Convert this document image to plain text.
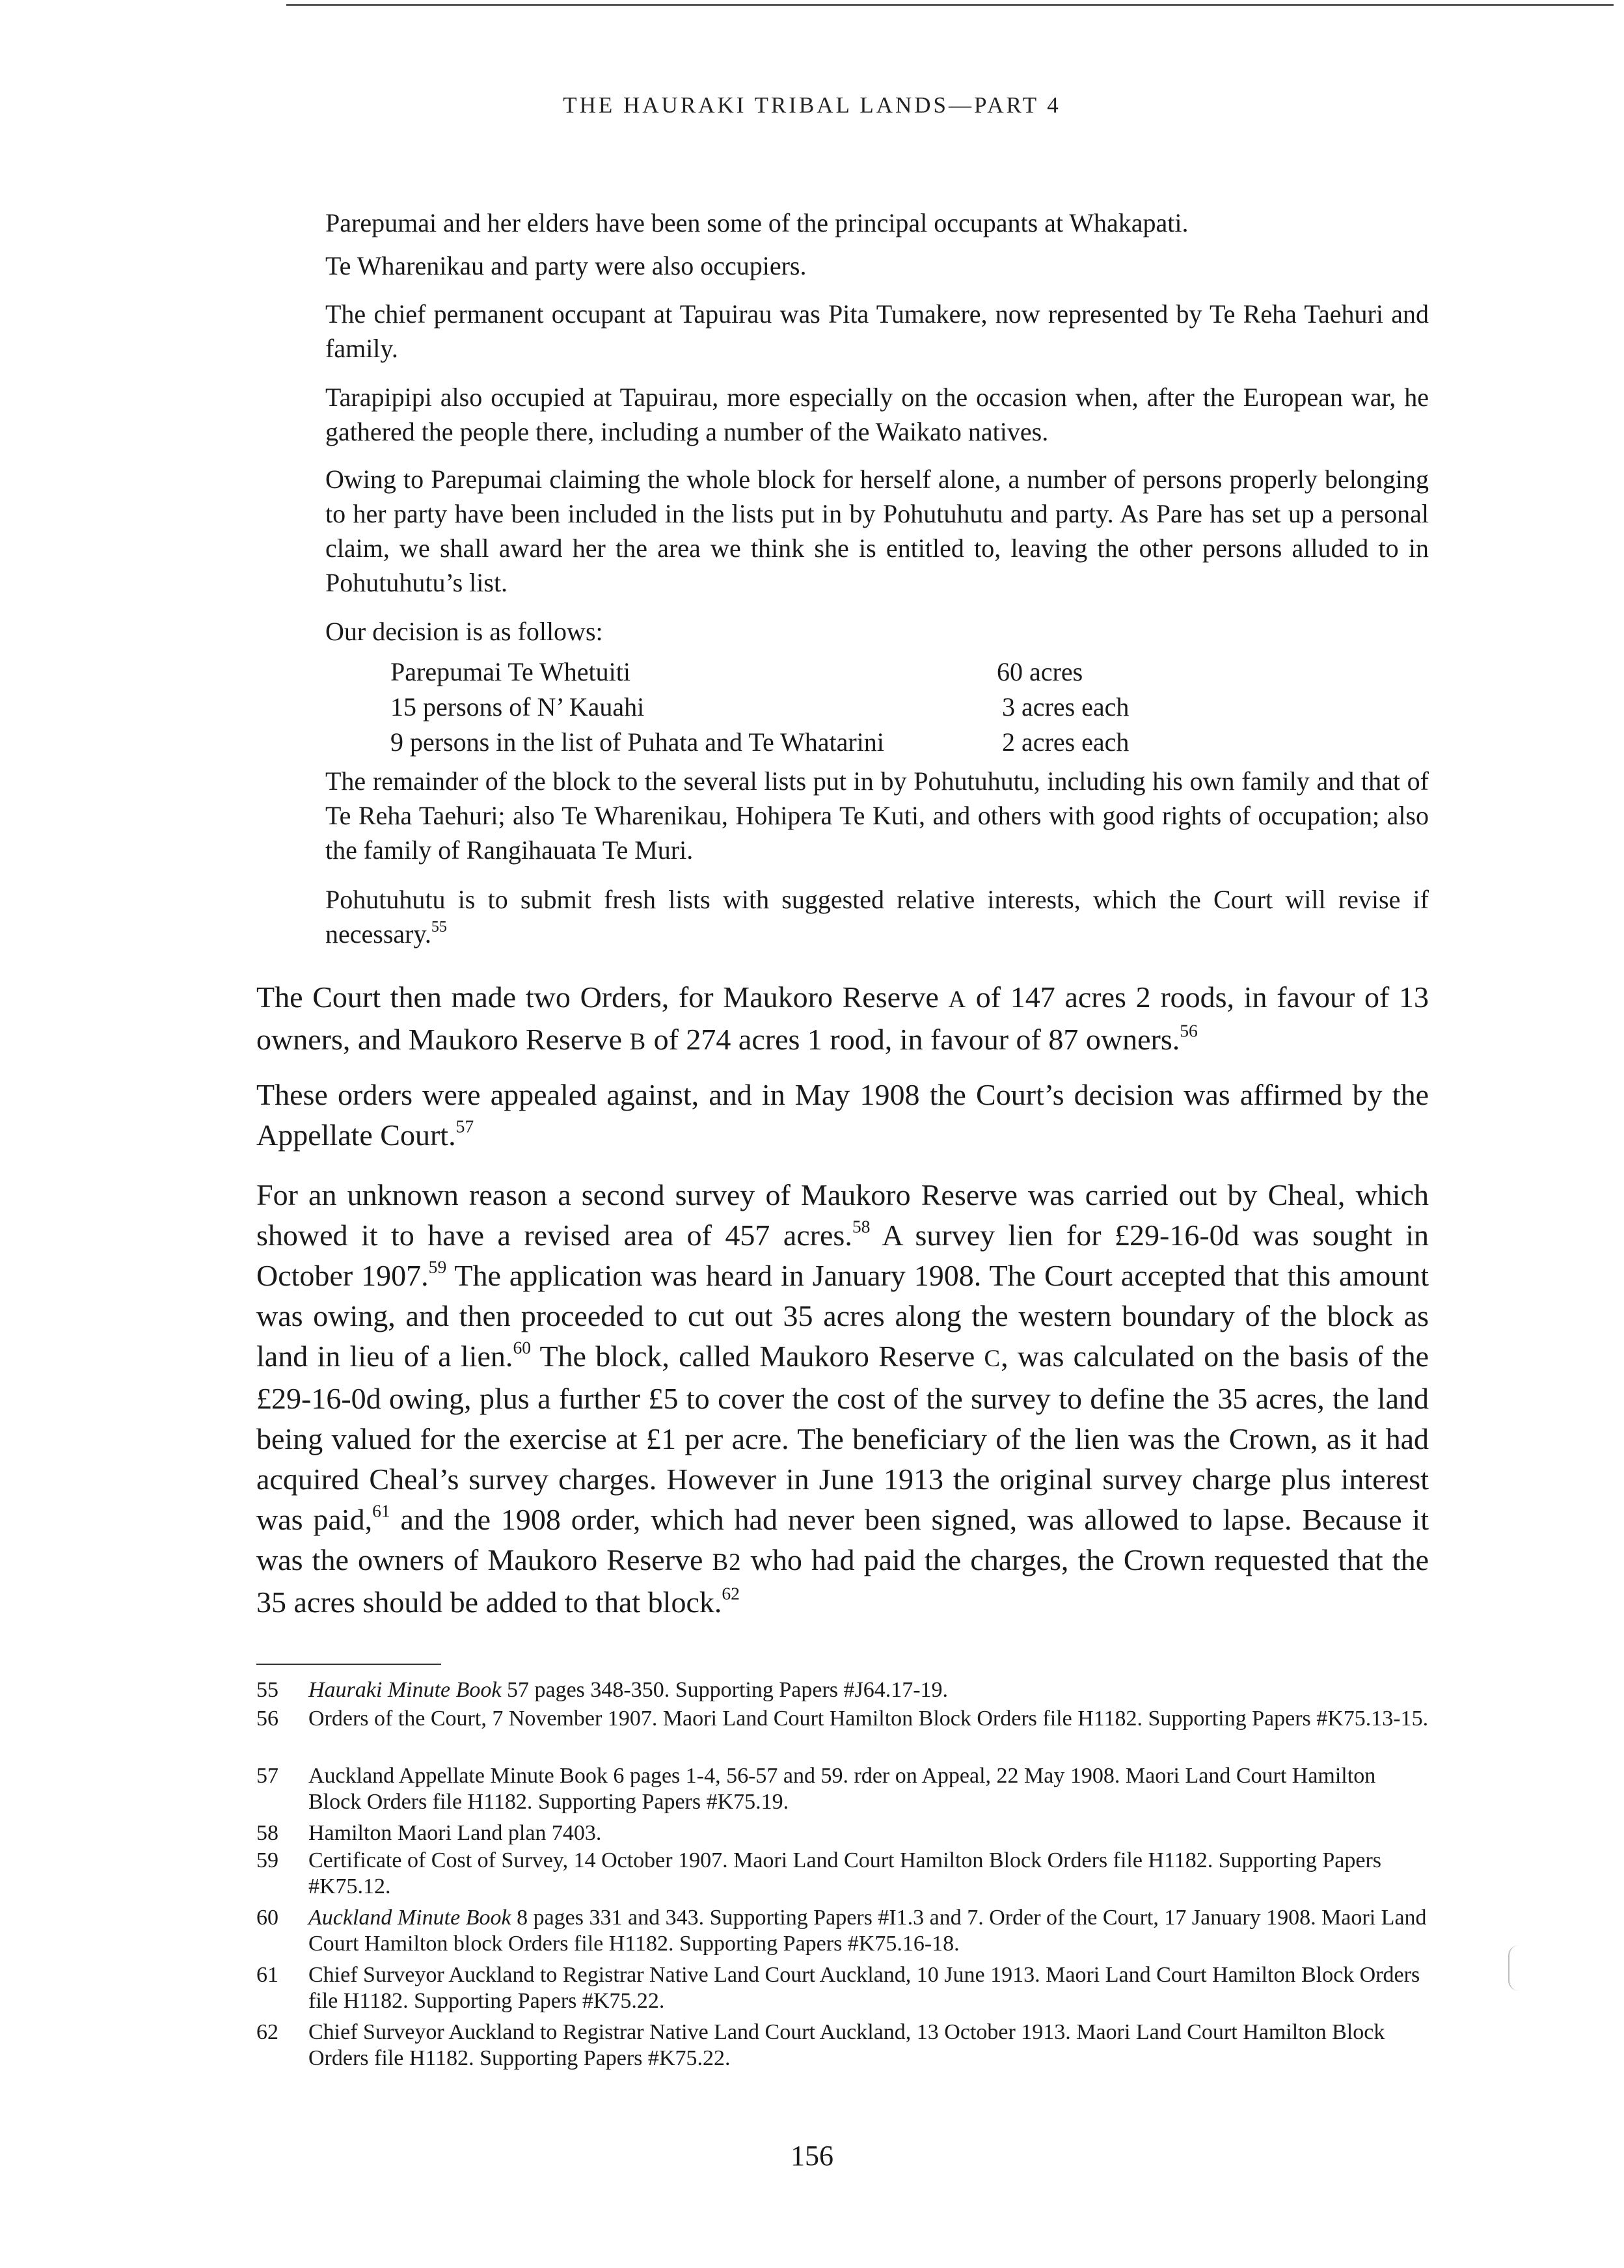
THE HAURAKI TRIBAL LANDS—PART 4

Parepumai and her elders have been some of the principal occupants at Whakapati.

Te Wharenikau and party were also occupiers.

The chief permanent occupant at Tapuirau was Pita Tumakere, now represented by Te Reha Taehuri and family.

Tarapipipi also occupied at Tapuirau, more especially on the occasion when, after the European war, he gathered the people there, including a number of the Waikato natives.

Owing to Parepumai claiming the whole block for herself alone, a number of persons properly belonging to her party have been included in the lists put in by Pohutuhutu and party. As Pare has set up a personal claim, we shall award her the area we think she is entitled to, leaving the other persons alluded to in Pohutuhutu’s list.

Our decision is as follows:

Parepumai Te Whetuiti	60 acres
15 persons of N’ Kauahi	3 acres each
9 persons in the list of Puhata and Te Whatarini	2 acres each

The remainder of the block to the several lists put in by Pohutuhutu, including his own family and that of Te Reha Taehuri; also Te Wharenikau, Hohipera Te Kuti, and others with good rights of occupation; also the family of Rangihauata Te Muri.

Pohutuhutu is to submit fresh lists with suggested relative interests, which the Court will revise if necessary.$^{55}$

The Court then made two Orders, for Maukoro Reserve A of 147 acres 2 roods, in favour of 13 owners, and Maukoro Reserve B of 274 acres 1 rood, in favour of 87 owners.$^{56}$

These orders were appealed against, and in May 1908 the Court’s decision was affirmed by the Appellate Court.$^{57}$

For an unknown reason a second survey of Maukoro Reserve was carried out by Cheal, which showed it to have a revised area of 457 acres.$^{58}$ A survey lien for £29-16-0d was sought in October 1907.59 The application was heard in January 1908. The Court accepted that this amount was owing, and then proceeded to cut out 35 acres along the western boundary of the block as land in lieu of a lien.$^{60}$ The block, called Maukoro Reserve C, was calculated on the basis of the £29-16-0d owing, plus a further £5 to cover the cost of the survey to define the 35 acres, the land being valued for the exercise at £1 per acre. The beneficiary of the lien was the Crown, as it had acquired Cheal’s survey charges. However in June 1913 the original survey charge plus interest was paid,$^{61}$ and the 1908 order, which had never been signed, was allowed to lapse. Because it was the owners of Maukoro Reserve B2 who had paid the charges, the Crown requested that the 35 acres should be added to that block.$^{62}$

55	Hauraki Minute Book 57 pages 348-350. Supporting Papers #J64.17-19.
56	Orders of the Court, 7 November 1907. Maori Land Court Hamilton Block Orders file H1182. Supporting Papers #K75.13-15.
57	Auckland Appellate Minute Book 6 pages 1-4, 56-57 and 59. rder on Appeal, 22 May 1908. Maori Land Court Hamilton Block Orders file H1182. Supporting Papers #K75.19.
58	Hamilton Maori Land plan 7403.
59	Certificate of Cost of Survey, 14 October 1907. Maori Land Court Hamilton Block Orders file H1182. Supporting Papers #K75.12.
60	Auckland Minute Book 8 pages 331 and 343. Supporting Papers #I1.3 and 7. Order of the Court, 17 January 1908. Maori Land Court Hamilton block Orders file H1182. Supporting Papers #K75.16-18.
61	Chief Surveyor Auckland to Registrar Native Land Court Auckland, 10 June 1913. Maori Land Court Hamilton Block Orders file H1182. Supporting Papers #K75.22.
62	Chief Surveyor Auckland to Registrar Native Land Court Auckland, 13 October 1913. Maori Land Court Hamilton Block Orders file H1182. Supporting Papers #K75.22.
156
